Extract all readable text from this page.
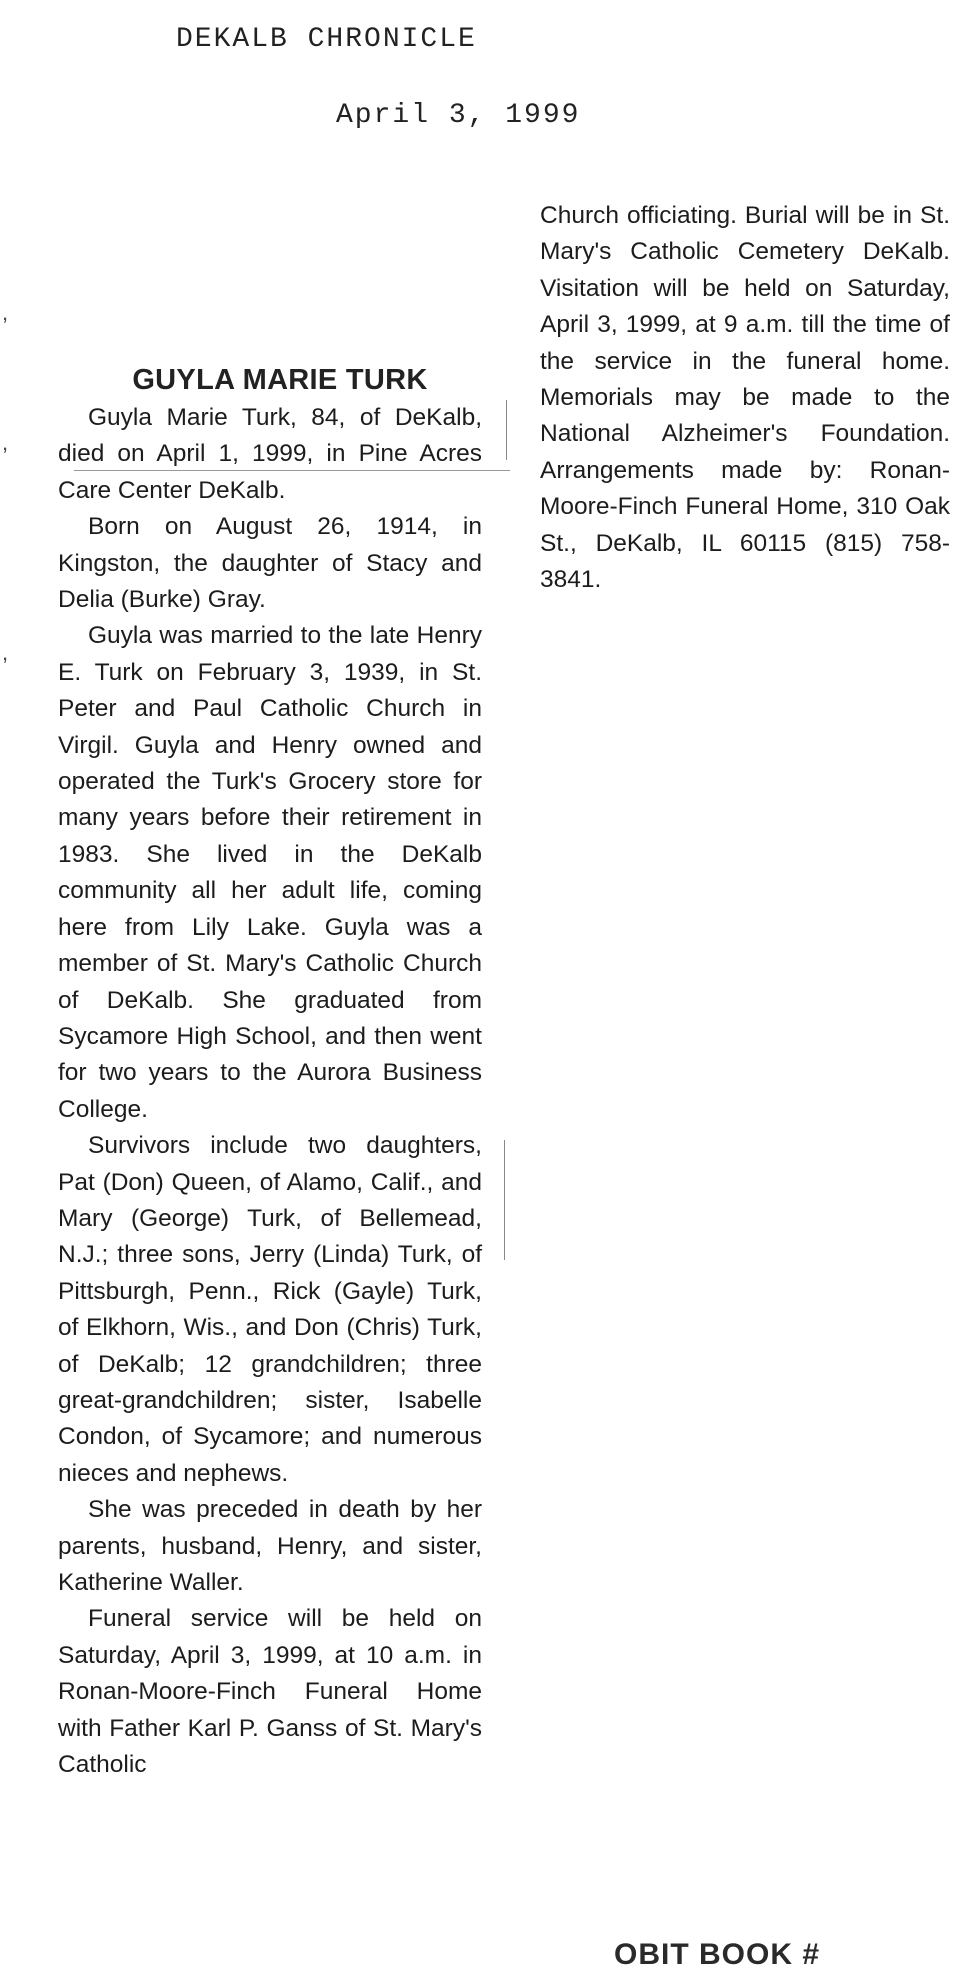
DEKALB CHRONICLE
April 3, 1999
GUYLA MARIE TURK

Guyla Marie Turk, 84, of DeKalb, died on April 1, 1999, in Pine Acres Care Center DeKalb.

Born on August 26, 1914, in Kingston, the daughter of Stacy and Delia (Burke) Gray.

Guyla was married to the late Henry E. Turk on February 3, 1939, in St. Peter and Paul Catholic Church in Virgil. Guyla and Henry owned and operated the Turk's Grocery store for many years before their retirement in 1983. She lived in the DeKalb community all her adult life, coming here from Lily Lake. Guyla was a member of St. Mary's Catholic Church of DeKalb. She graduated from Sycamore High School, and then went for two years to the Aurora Business College.

Survivors include two daughters, Pat (Don) Queen, of Alamo, Calif., and Mary (George) Turk, of Bellemead, N.J.; three sons, Jerry (Linda) Turk, of Pittsburgh, Penn., Rick (Gayle) Turk, of Elkhorn, Wis., and Don (Chris) Turk, of DeKalb; 12 grandchildren; three great-grandchildren; sister, Isabelle Condon, of Sycamore; and numerous nieces and nephews.

She was preceded in death by her parents, husband, Henry, and sister, Katherine Waller.

Funeral service will be held on Saturday, April 3, 1999, at 10 a.m. in Ronan-Moore-Finch Funeral Home with Father Karl P. Ganss of St. Mary's Catholic

Church officiating. Burial will be in St. Mary's Catholic Cemetery DeKalb. Visitation will be held on Saturday, April 3, 1999, at 9 a.m. till the time of the service in the funeral home. Memorials may be made to the National Alzheimer's Foundation. Arrangements made by: Ronan-Moore-Finch Funeral Home, 310 Oak St., DeKalb, IL 60115 (815) 758-3841.

,
,
,
OBIT BOOK #
